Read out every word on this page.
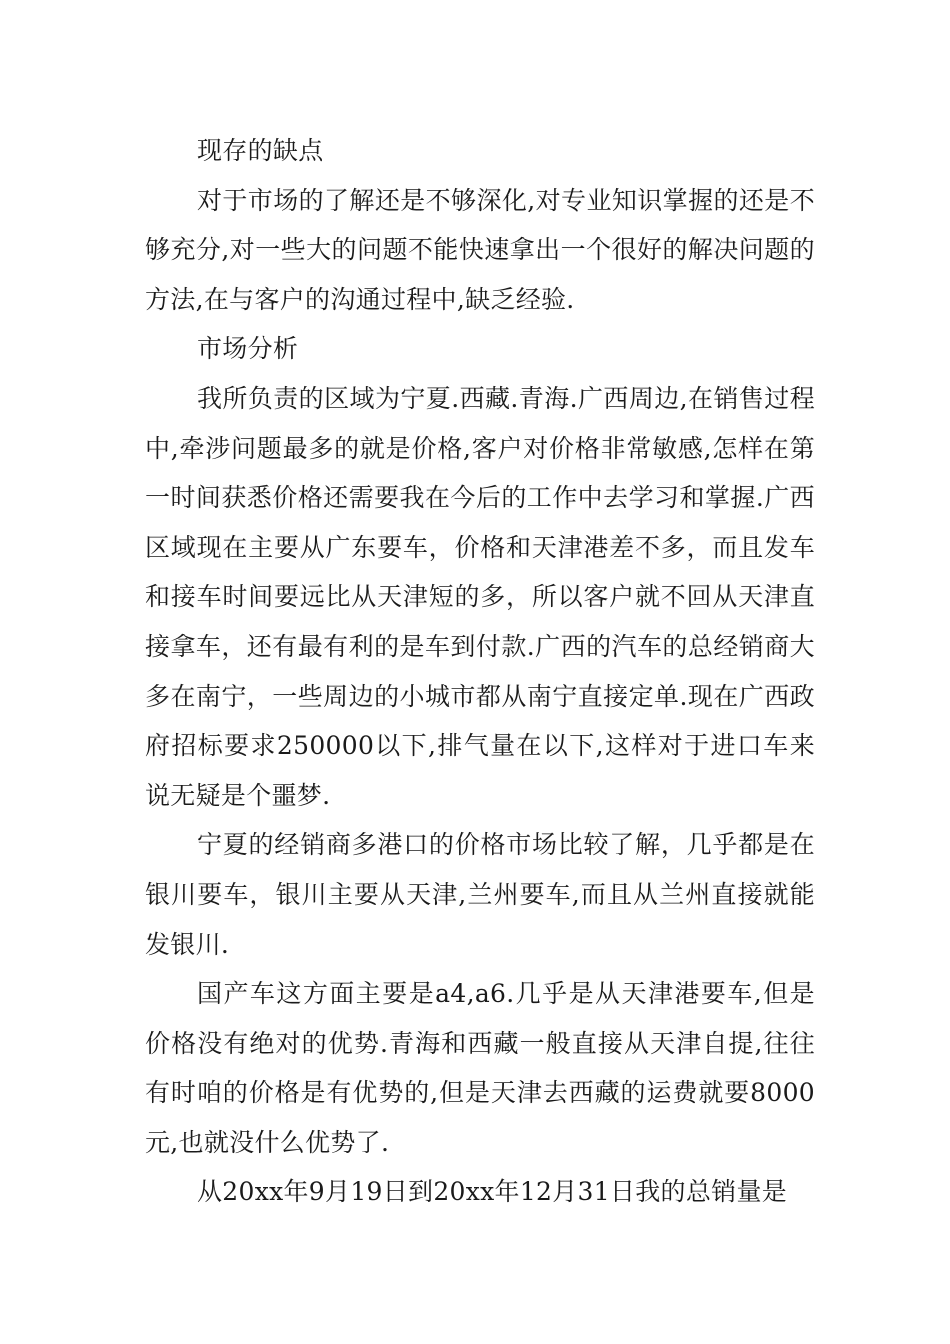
现存的缺点

对于市场的了解还是不够深化,对专业知识掌握的还是不够充分,对一些大的问题不能快速拿出一个很好的解决问题的方法,在与客户的沟通过程中,缺乏经验.

市场分析

我所负责的区域为宁夏.西藏.青海.广西周边,在销售过程中,牵涉问题最多的就是价格,客户对价格非常敏感,怎样在第一时间获悉价格还需要我在今后的工作中去学习和掌握.广西区域现在主要从广东要车，价格和天津港差不多，而且发车和接车时间要远比从天津短的多，所以客户就不回从天津直接拿车，还有最有利的是车到付款.广西的汽车的总经销商大多在南宁，一些周边的小城市都从南宁直接定单.现在广西政府招标要求250000以下,排气量在以下,这样对于进口车来说无疑是个噩梦.

宁夏的经销商多港口的价格市场比较了解，几乎都是在银川要车，银川主要从天津,兰州要车,而且从兰州直接就能发银川.

国产车这方面主要是a4,a6.几乎是从天津港要车,但是价格没有绝对的优势.青海和西藏一般直接从天津自提,往往有时咱的价格是有优势的,但是天津去西藏的运费就要8000元,也就没什么优势了.

从20xx年9月19日到20xx年12月31日我的总销量是
